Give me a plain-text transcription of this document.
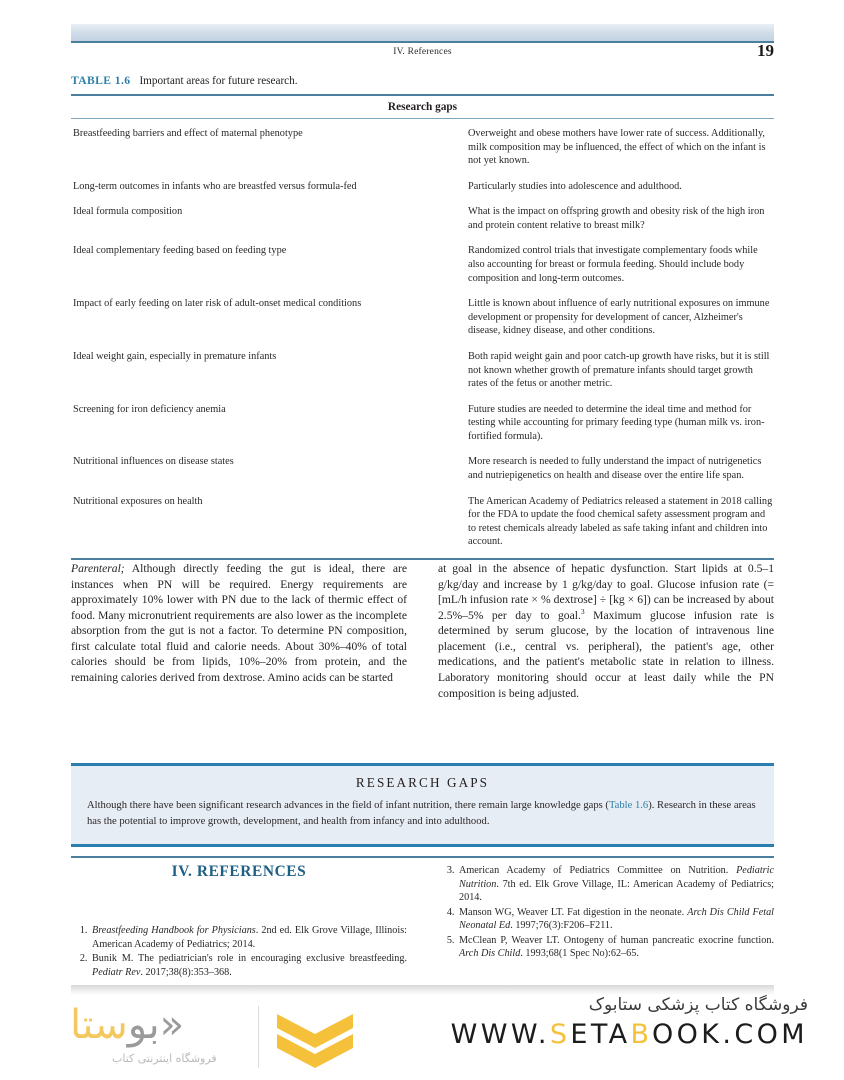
IV. References	19
TABLE 1.6 Important areas for future research.
Research gaps
Breastfeeding barriers and effect of maternal phenotype	Overweight and obese mothers have lower rate of success. Additionally, milk composition may be influenced, the effect of which on the infant is not yet known.
Long-term outcomes in infants who are breastfed versus formula-fed	Particularly studies into adolescence and adulthood.
Ideal formula composition	What is the impact on offspring growth and obesity risk of the high iron and protein content relative to breast milk?
Ideal complementary feeding based on feeding type	Randomized control trials that investigate complementary foods while also accounting for breast or formula feeding. Should include body composition and long-term outcomes.
Impact of early feeding on later risk of adult-onset medical conditions	Little is known about influence of early nutritional exposures on immune development or propensity for development of cancer, Alzheimer's disease, kidney disease, and other conditions.
Ideal weight gain, especially in premature infants	Both rapid weight gain and poor catch-up growth have risks, but it is still not known whether growth of premature infants should target growth rates of the fetus or another metric.
Screening for iron deficiency anemia	Future studies are needed to determine the ideal time and method for testing while accounting for primary feeding type (human milk vs. iron-fortified formula).
Nutritional influences on disease states	More research is needed to fully understand the impact of nutrigenetics and nutriepigenetics on health and disease over the entire life span.
Nutritional exposures on health	The American Academy of Pediatrics released a statement in 2018 calling for the FDA to update the food chemical safety assessment program and to retest chemicals already labeled as safe taking infant and children into account.

Parenteral; Although directly feeding the gut is ideal, there are instances when PN will be required. Energy requirements are approximately 10% lower with PN due to the lack of thermic effect of food. Many micronutrient requirements are also lower as the incomplete absorption from the gut is not a factor. To determine PN composition, first calculate total fluid and calorie needs. About 30%‒40% of total calories should be from lipids, 10%‒20% from protein, and the remaining calories derived from dextrose. Amino acids can be started

at goal in the absence of hepatic dysfunction. Start lipids at 0.5‒1 g/kg/day and increase by 1 g/kg/day to goal. Glucose infusion rate (= [mL/h infusion rate × % dextrose] ÷ [kg × 6]) can be increased by about 2.5%‒5% per day to goal.$^3$ Maximum glucose infusion rate is determined by serum glucose, by the location of intravenous line placement (i.e., central vs. peripheral), the patient's age, other medications, and the patient's metabolic state in relation to illness. Laboratory monitoring should occur at least daily while the PN composition is being adjusted.

RESEARCH GAPS
Although there have been significant research advances in the field of infant nutrition, there remain large knowledge gaps (Table 1.6). Research in these areas has the potential to improve growth, development, and health from infancy and into adulthood.
IV. REFERENCES
1. Breastfeeding Handbook for Physicians. 2nd ed. Elk Grove Village, Illinois: American Academy of Pediatrics; 2014.
2. Bunik M. The pediatrician's role in encouraging exclusive breastfeeding. Pediatr Rev. 2017;38(8):353‒368.
3. American Academy of Pediatrics Committee on Nutrition. Pediatric Nutrition. 7th ed. Elk Grove Village, IL: American Academy of Pediatrics; 2014.
4. Manson WG, Weaver LT. Fat digestion in the neonate. Arch Dis Child Fetal Neonatal Ed. 1997;76(3):F206‒F211.
5. McClean P, Weaver LT. Ontogeny of human pancreatic exocrine function. Arch Dis Child. 1993;68(1 Spec No):62‒65.
«بوستا
فروشگاه اینترنتی کتاب
فروشگاه کتاب پزشکی ستابوک
WWW.SETABOOK.COM
